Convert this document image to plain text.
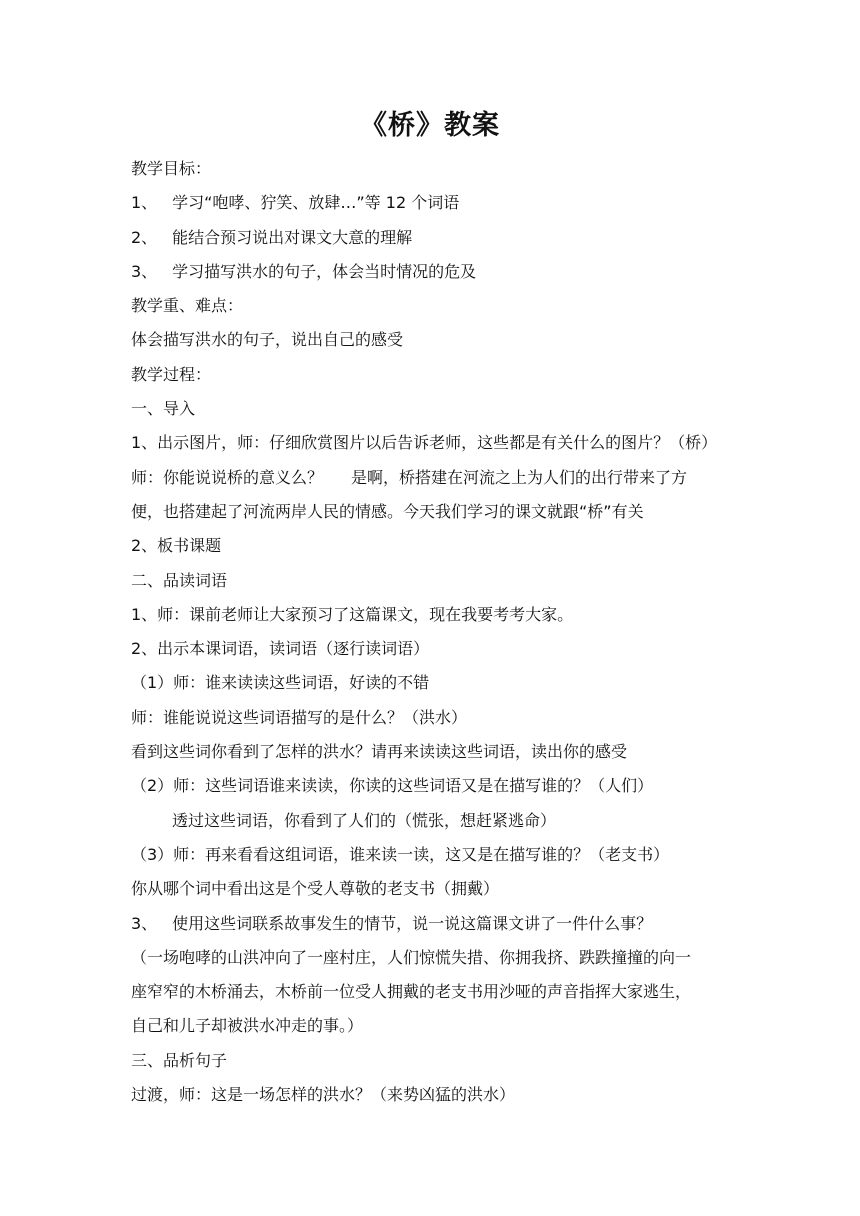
《桥》教案
教学目标：
1、 学习“咆哮、狞笑、放肆…”等 12 个词语
2、 能结合预习说出对课文大意的理解
3、 学习描写洪水的句子，体会当时情况的危及
教学重、难点：
体会描写洪水的句子，说出自己的感受
教学过程：
一、导入
1、出示图片，师：仔细欣赏图片以后告诉老师，这些都是有关什么的图片？（桥）
师：你能说说桥的意义么？ 是啊，桥搭建在河流之上为人们的出行带来了方
便，也搭建起了河流两岸人民的情感。今天我们学习的课文就跟“桥”有关
2、板书课题
二、品读词语
1、师：课前老师让大家预习了这篇课文，现在我要考考大家。
2、出示本课词语，读词语（逐行读词语）
（1）师：谁来读读这些词语，好读的不错
师：谁能说说这些词语描写的是什么？（洪水）
看到这些词你看到了怎样的洪水？请再来读读这些词语，读出你的感受
（2）师：这些词语谁来读读，你读的这些词语又是在描写谁的？（人们）
透过这些词语，你看到了人们的（慌张，想赶紧逃命）
（3）师：再来看看这组词语，谁来读一读，这又是在描写谁的？（老支书）
你从哪个词中看出这是个受人尊敬的老支书（拥戴）
3、 使用这些词联系故事发生的情节，说一说这篇课文讲了一件什么事？
（一场咆哮的山洪冲向了一座村庄，人们惊慌失措、你拥我挤、跌跌撞撞的向一
座窄窄的木桥涌去，木桥前一位受人拥戴的老支书用沙哑的声音指挥大家逃生，
自己和儿子却被洪水冲走的事。）
三、品析句子
过渡，师：这是一场怎样的洪水？（来势凶猛的洪水）
